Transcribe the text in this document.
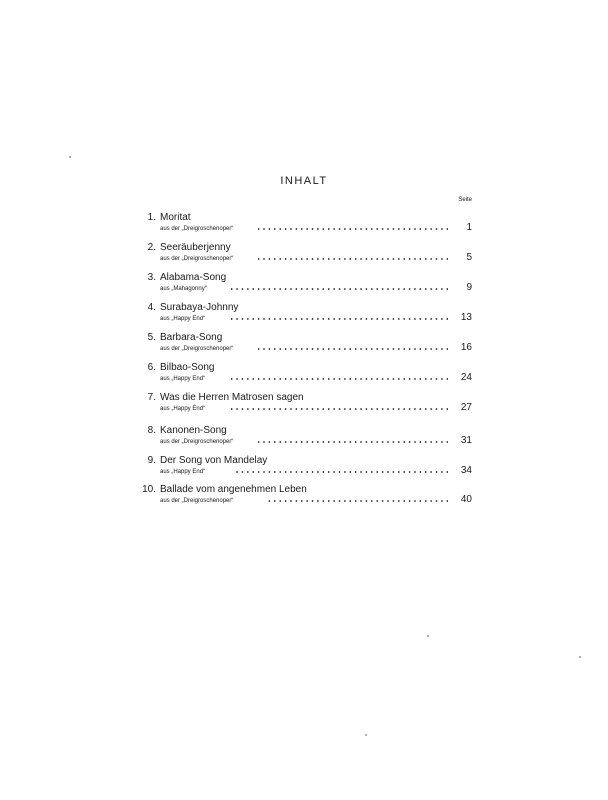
INHALT
Seite
1. Moritat
aus der „Dreigroschenoper“	1
2. Seeräuberjenny
aus der „Dreigroschenoper“	5
3. Alabama-Song
aus „Mahagonny“	9
4. Surabaya-Johnny
aus „Happy End“	13
5. Barbara-Song
aus der „Dreigroschenoper“	16
6. Bilbao-Song
aus „Happy End“	24
7. Was die Herren Matrosen sagen
aus „Happy End“	27
8. Kanonen-Song
aus der „Dreigroschenoper“	31
9. Der Song von Mandelay
aus „Happy End“	34
10. Ballade vom angenehmen Leben
aus der „Dreigroschenoper“	40
